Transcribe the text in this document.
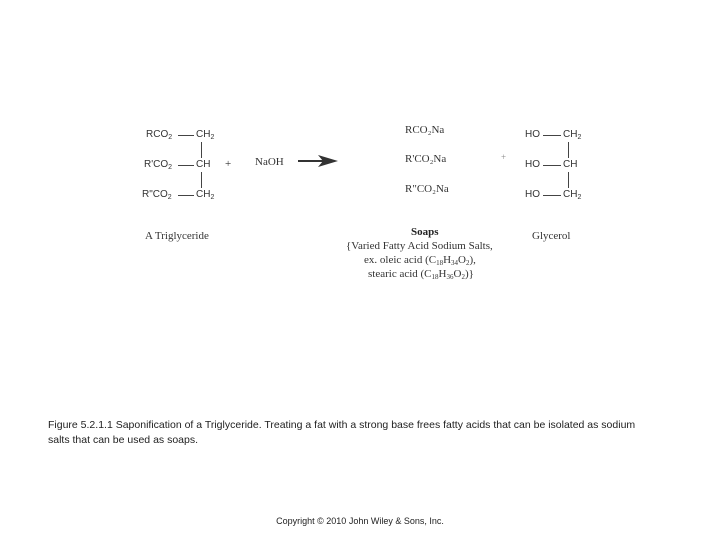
$RCO_2$ $CH_2$
$R'CO_2$ CH
$R"CO_2$ $CH_2$
A Triglyceride
+ NaOH →
RCO₂Na
R'CO₂Na
R"CO₂Na
+
HO $CH_2$
HO CH
HO $CH_2$
Glycerol
Soaps
{Varied Fatty Acid Sodium Salts,
ex. oleic acid $(C_{18}H_{34}O_2)$,
stearic acid $(C_{18}H_{36}O_2)$}
Figure 5.2.1.1 Saponification of a Triglyceride. Treating a fat with a strong base frees fatty acids that can be isolated as sodium salts that can be used as soaps.
Copyright © 2010 John Wiley & Sons, Inc.
